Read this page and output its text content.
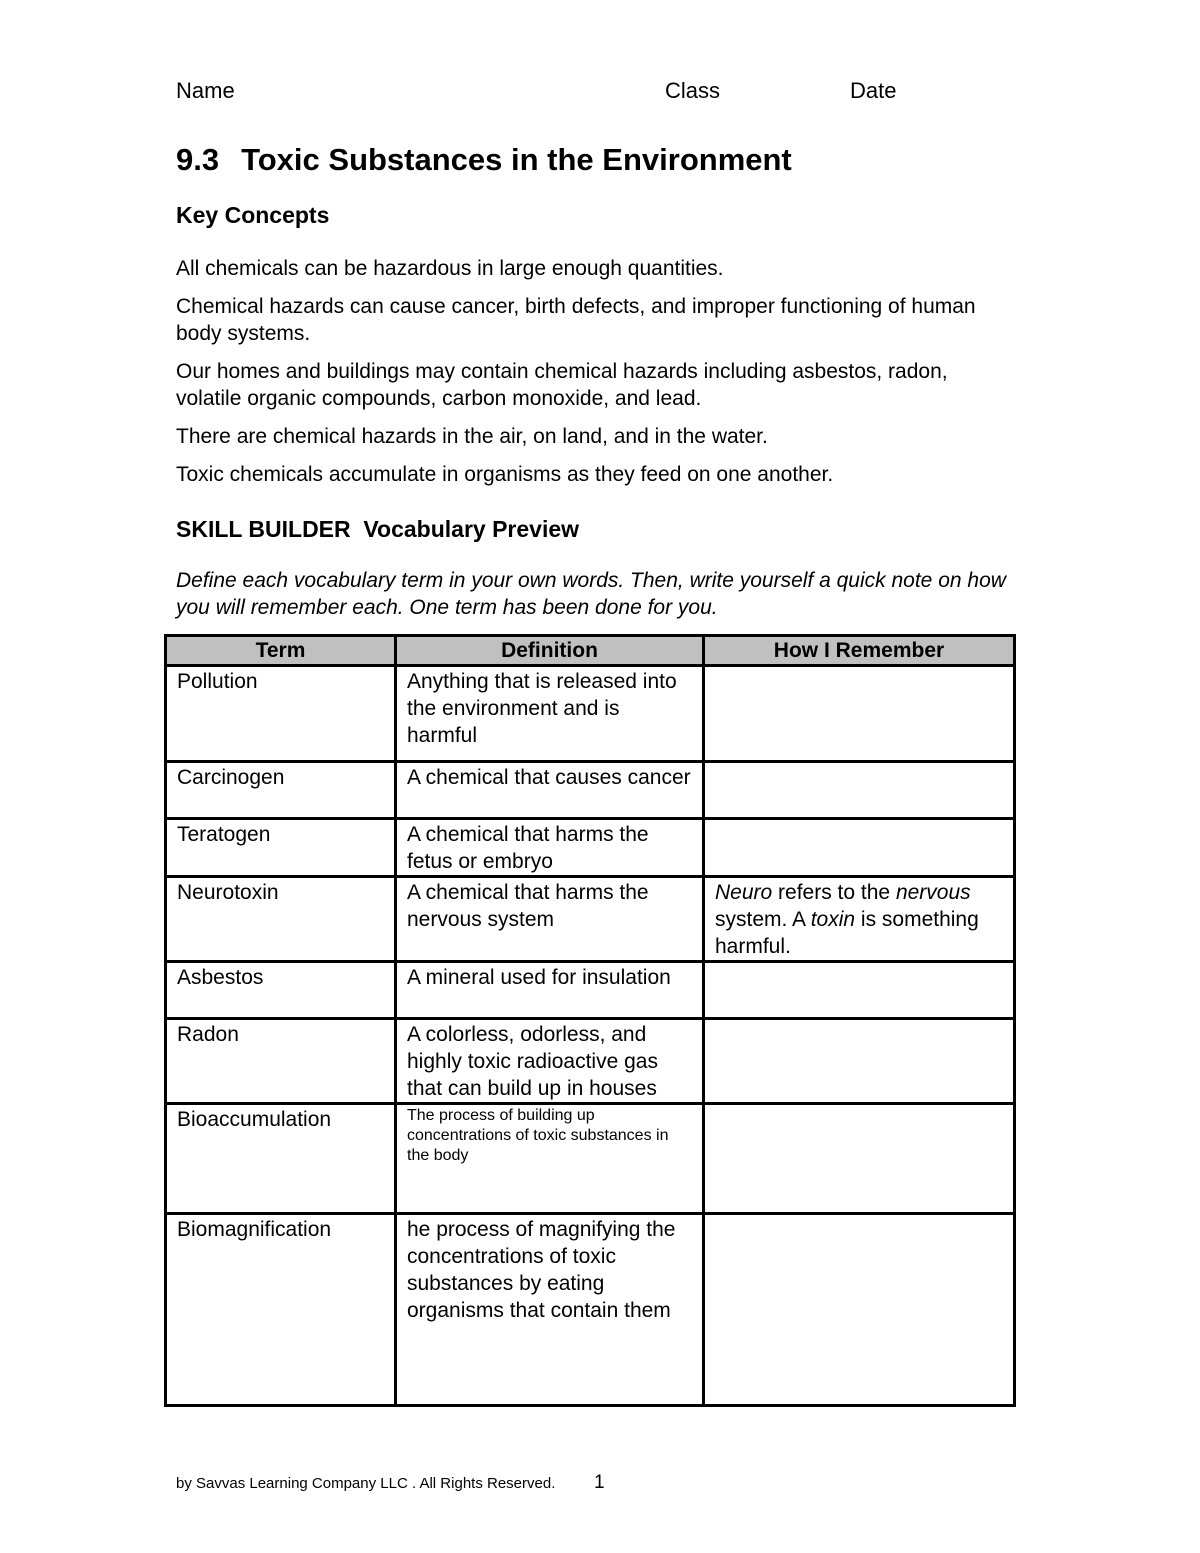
Name	Class	Date
9.3 Toxic Substances in the Environment
Key Concepts
All chemicals can be hazardous in large enough quantities.
Chemical hazards can cause cancer, birth defects, and improper functioning of human body systems.
Our homes and buildings may contain chemical hazards including asbestos, radon, volatile organic compounds, carbon monoxide, and lead.
There are chemical hazards in the air, on land, and in the water.
Toxic chemicals accumulate in organisms as they feed on one another.
SKILL BUILDER  Vocabulary Preview

Define each vocabulary term in your own words. Then, write yourself a quick note on how you will remember each. One term has been done for you.

Term	Definition	How I Remember
Pollution	Anything that is released into the environment and is harmful	
Carcinogen	A chemical that causes cancer	
Teratogen	A chemical that harms the fetus or embryo	
Neurotoxin	A chemical that harms the nervous system	Neuro refers to the nervous system. A toxin is something harmful.
Asbestos	A mineral used for insulation	
Radon	A colorless, odorless, and highly toxic radioactive gas that can build up in houses	
Bioaccumulation	The process of building up concentrations of toxic substances in the body	
Biomagnification	he process of magnifying the concentrations of toxic substances by eating organisms that contain them	
by Savvas Learning Company LLC . All Rights Reserved. 1
